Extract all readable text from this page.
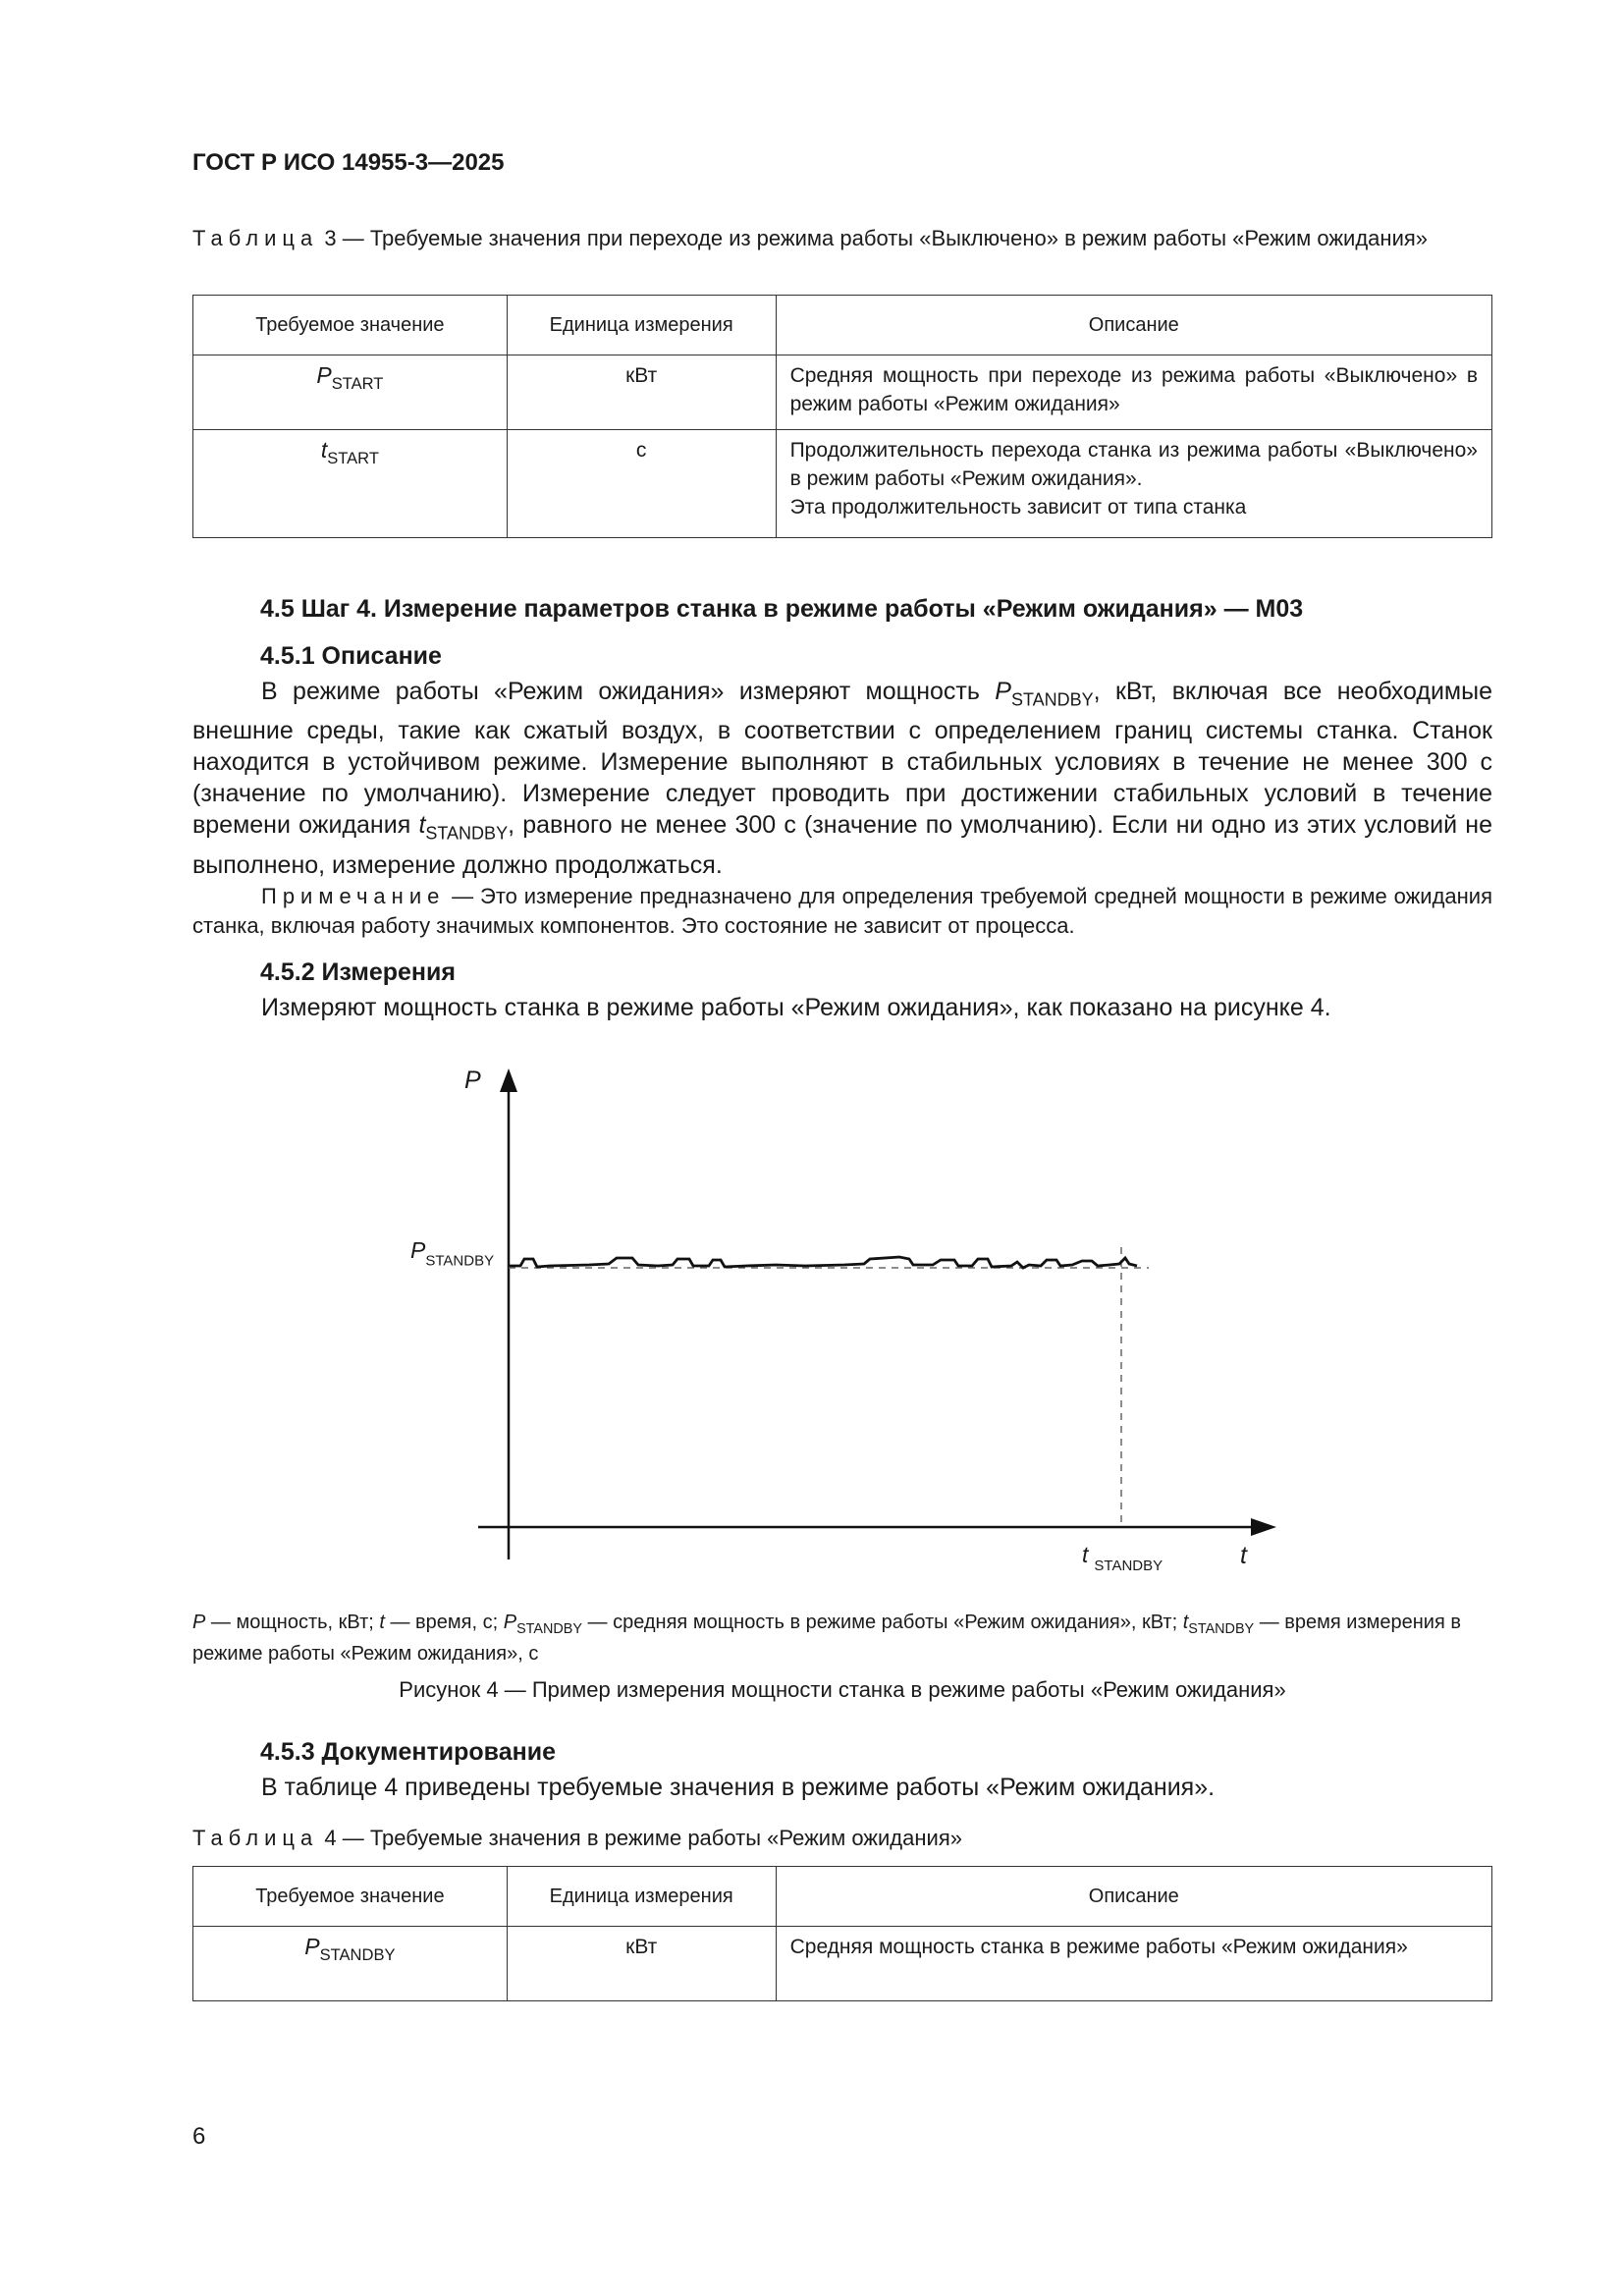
ГОСТ Р ИСО 14955-3—2025
Таблица 3 — Требуемые значения при переходе из режима работы «Выключено» в режим работы «Режим ожидания»
Требуемое значение	Единица измерения	Описание
$P_{START}$	кВт	Средняя мощность при переходе из режима работы «Выключено» в режим работы «Режим ожидания»
$t_{START}$	с	Продолжительность перехода станка из режима работы «Выключено» в режим работы «Режим ожидания».
Эта продолжительность зависит от типа станка
4.5 Шаг 4. Измерение параметров станка в режиме работы «Режим ожидания» — М03
4.5.1 Описание
В режиме работы «Режим ожидания» измеряют мощность $P_{STANDBY}$, кВт, включая все необходимые внешние среды, такие как сжатый воздух, в соответствии с определением границ системы станка. Станок находится в устойчивом режиме. Измерение выполняют в стабильных условиях в течение не менее 300 с (значение по умолчанию). Измерение следует проводить при достижении стабильных условий в течение времени ожидания $t_{STANDBY}$, равного не менее 300 с (значение по умолчанию). Если ни одно из этих условий не выполнено, измерение должно продолжаться.
Примечание — Это измерение предназначено для определения требуемой средней мощности в режиме ожидания станка, включая работу значимых компонентов. Это состояние не зависит от процесса.
4.5.2 Измерения
Измеряют мощность станка в режиме работы «Режим ожидания», как показано на рисунке 4.
P
t
$P_{STANDBY}$
t $_{STANDBY}$
P — мощность, кВт; t — время, с; $P_{STANDBY}$ — средняя мощность в режиме работы «Режим ожидания», кВт; $t_{STANDBY}$ — время измерения в режиме работы «Режим ожидания», с
Рисунок 4 — Пример измерения мощности станка в режиме работы «Режим ожидания»
4.5.3 Документирование
В таблице 4 приведены требуемые значения в режиме работы «Режим ожидания».
Таблица 4 — Требуемые значения в режиме работы «Режим ожидания»
Требуемое значение	Единица измерения	Описание
$P_{STANDBY}$	кВт	Средняя мощность станка в режиме работы «Режим ожидания»
6
